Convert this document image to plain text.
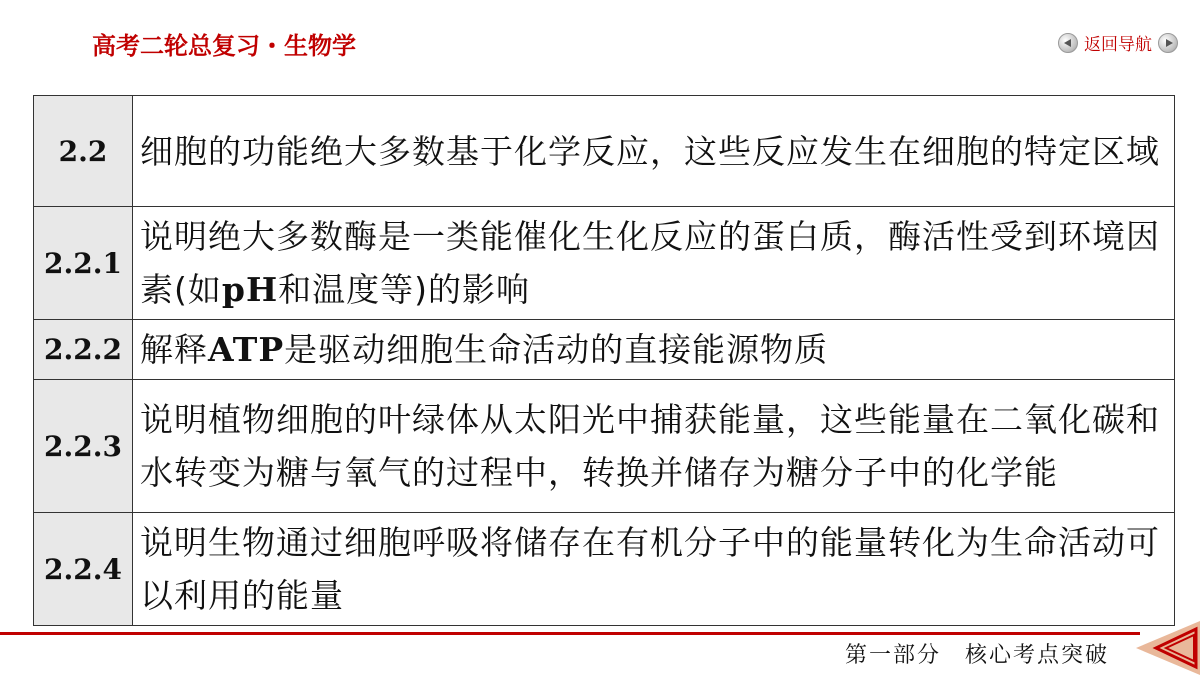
高考二轮总复习・生物学	返回导航
2.2	细胞的功能绝大多数基于化学反应，这些反应发生在细胞的特定区域
2.2.1	说明绝大多数酶是一类能催化生化反应的蛋白质，酶活性受到环境因素(如pH和温度等)的影响
2.2.2	解释ATP是驱动细胞生命活动的直接能源物质
2.2.3	说明植物细胞的叶绿体从太阳光中捕获能量，这些能量在二氧化碳和水转变为糖与氧气的过程中，转换并储存为糖分子中的化学能
2.2.4	说明生物通过细胞呼吸将储存在有机分子中的能量转化为生命活动可以利用的能量
第一部分　核心考点突破
